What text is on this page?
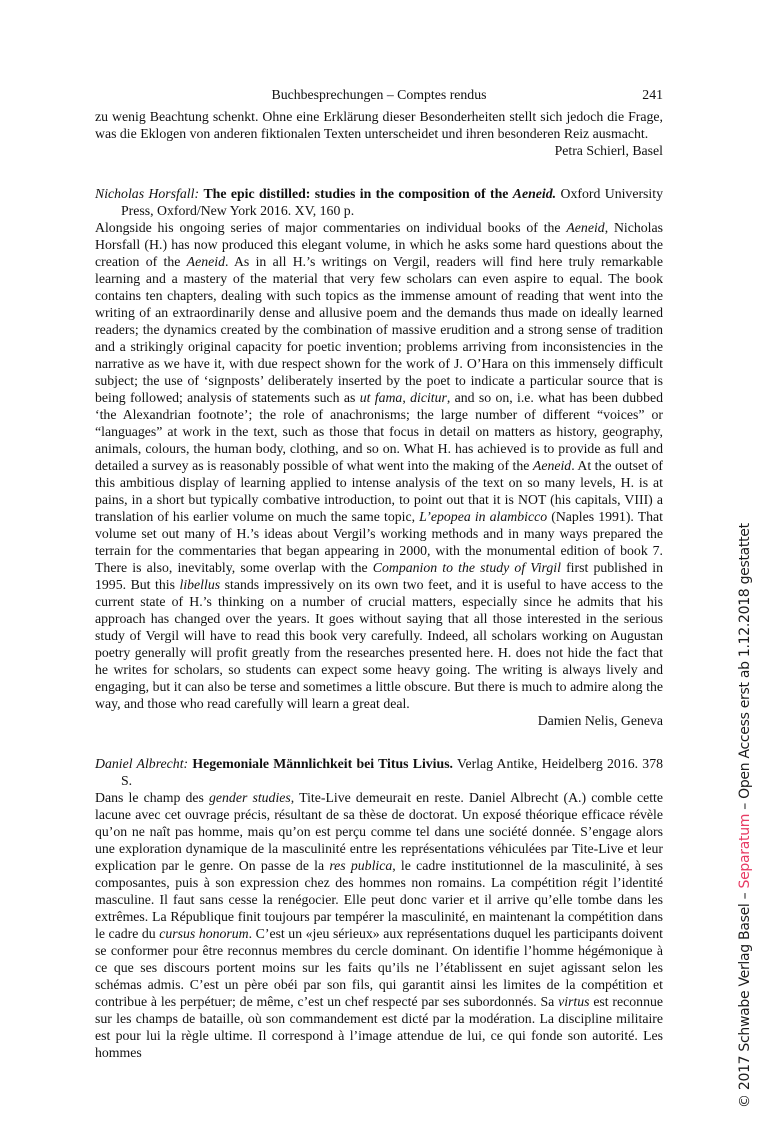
Buchbesprechungen – Comptes rendus	241

zu wenig Beachtung schenkt. Ohne eine Erklärung dieser Besonderheiten stellt sich jedoch die Frage, was die Eklogen von anderen fiktionalen Texten unterscheidet und ihren besonderen Reiz ausmacht.

Petra Schierl, Basel

Nicholas Horsfall: The epic distilled: studies in the composition of the Aeneid. Oxford University Press, Oxford/New York 2016. XV, 160 p.

Alongside his ongoing series of major commentaries on individual books of the Aeneid, Nicholas Horsfall (H.) has now produced this elegant volume, in which he asks some hard questions about the creation of the Aeneid. As in all H.’s writings on Vergil, readers will find here truly remarkable learning and a mastery of the material that very few scholars can even aspire to equal. The book contains ten chapters, dealing with such topics as the immense amount of reading that went into the writing of an extraordinarily dense and allusive poem and the demands thus made on ideally learned readers; the dynamics created by the combination of massive erudition and a strong sense of tradition and a strikingly original capacity for poetic invention; problems arriving from inconsistencies in the narrative as we have it, with due respect shown for the work of J. O’Hara on this immensely difficult subject; the use of ‘signposts’ deliberately inserted by the poet to indicate a particular source that is being followed; analysis of statements such as ut fama, dicitur, and so on, i.e. what has been dubbed ‘the Alexandrian footnote’; the role of anachronisms; the large number of different “voices” or “languages” at work in the text, such as those that focus in detail on matters as history, geography, animals, colours, the human body, clothing, and so on. What H. has achieved is to provide as full and detailed a survey as is reasonably possible of what went into the making of the Aeneid. At the outset of this ambitious display of learning applied to intense analysis of the text on so many levels, H. is at pains, in a short but typically combative introduction, to point out that it is NOT (his capitals, VIII) a translation of his earlier volume on much the same topic, L’epopea in alambicco (Naples 1991). That volume set out many of H.’s ideas about Vergil’s working methods and in many ways prepared the terrain for the commentaries that began appearing in 2000, with the monumental edition of book 7. There is also, inevitably, some overlap with the Companion to the study of Virgil first published in 1995. But this libellus stands impressively on its own two feet, and it is useful to have access to the current state of H.’s thinking on a number of crucial matters, especially since he admits that his approach has changed over the years. It goes without saying that all those interested in the serious study of Vergil will have to read this book very carefully. Indeed, all scholars working on Augustan poetry generally will profit greatly from the researches presented here. H. does not hide the fact that he writes for scholars, so students can expect some heavy going. The writing is always lively and engaging, but it can also be terse and sometimes a little obscure. But there is much to admire along the way, and those who read carefully will learn a great deal.

Damien Nelis, Geneva

Daniel Albrecht: Hegemoniale Männlichkeit bei Titus Livius. Verlag Antike, Heidelberg 2016. 378 S.

Dans le champ des gender studies, Tite-Live demeurait en reste. Daniel Albrecht (A.) comble cette lacune avec cet ouvrage précis, résultant de sa thèse de doctorat. Un exposé théorique efficace révèle qu’on ne naît pas homme, mais qu’on est perçu comme tel dans une société donnée. S’engage alors une exploration dynamique de la masculinité entre les représentations véhiculées par Tite-Live et leur explication par le genre. On passe de la res publica, le cadre institutionnel de la masculinité, à ses composantes, puis à son expression chez des hommes non romains. La compétition régit l’identité masculine. Il faut sans cesse la renégocier. Elle peut donc varier et il arrive qu’elle tombe dans les extrêmes. La République finit toujours par tempérer la masculinité, en maintenant la compétition dans le cadre du cursus honorum. C’est un «jeu sérieux» aux représentations duquel les participants doivent se conformer pour être reconnus membres du cercle dominant. On identifie l’homme hégémonique à ce que ses discours portent moins sur les faits qu’ils ne l’établissent en sujet agissant selon les schémas admis. C’est un père obéi par son fils, qui garantit ainsi les limites de la compétition et contribue à les perpétuer; de même, c’est un chef respecté par ses subordonnés. Sa virtus est reconnue sur les champs de bataille, où son commandement est dicté par la modération. La discipline militaire est pour lui la règle ultime. Il correspond à l’image attendue de lui, ce qui fonde son autorité. Les hommes	© 2017 Schwabe Verlag Basel – Separatum – Open Access erst ab 1.12.2018 gestattet
